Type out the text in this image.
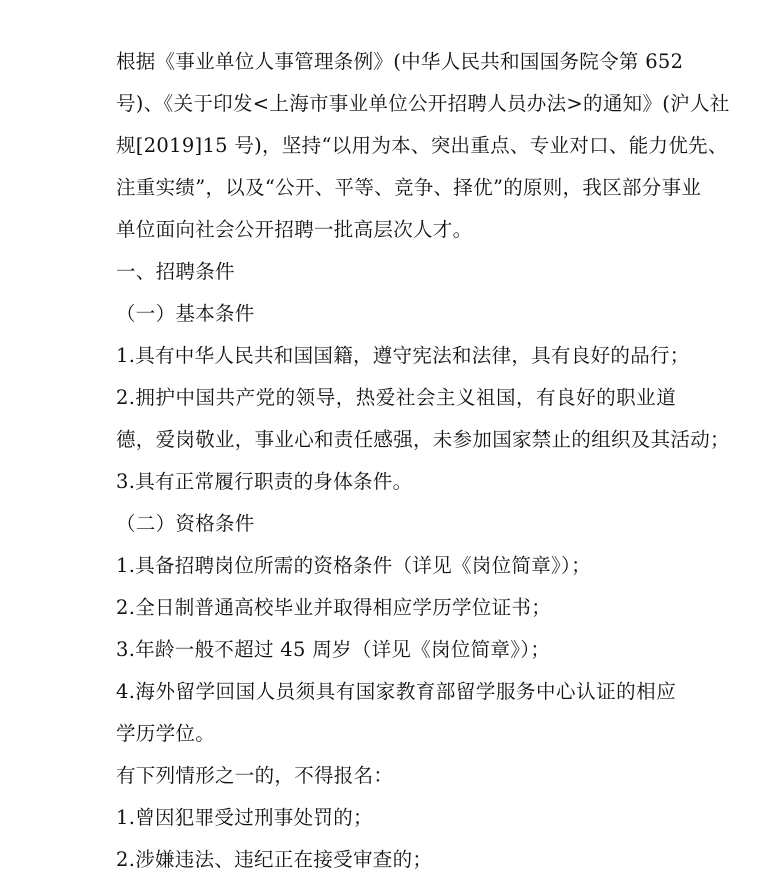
根据《事业单位人事管理条例》(中华人民共和国国务院令第 652
号)、《关于印发<上海市事业单位公开招聘人员办法>的通知》(沪人社
规[2019]15 号)，坚持“以用为本、突出重点、专业对口、能力优先、
注重实绩”，以及“公开、平等、竞争、择优”的原则，我区部分事业
单位面向社会公开招聘一批高层次人才。
一、招聘条件
（一）基本条件
1.具有中华人民共和国国籍，遵守宪法和法律，具有良好的品行；
2.拥护中国共产党的领导，热爱社会主义祖国，有良好的职业道
德，爱岗敬业，事业心和责任感强，未参加国家禁止的组织及其活动；
3.具有正常履行职责的身体条件。
（二）资格条件
1.具备招聘岗位所需的资格条件（详见《岗位简章》）；
2.全日制普通高校毕业并取得相应学历学位证书；
3.年龄一般不超过 45 周岁（详见《岗位简章》）；
4.海外留学回国人员须具有国家教育部留学服务中心认证的相应
学历学位。
有下列情形之一的，不得报名：
1.曾因犯罪受过刑事处罚的；
2.涉嫌违法、违纪正在接受审查的；
